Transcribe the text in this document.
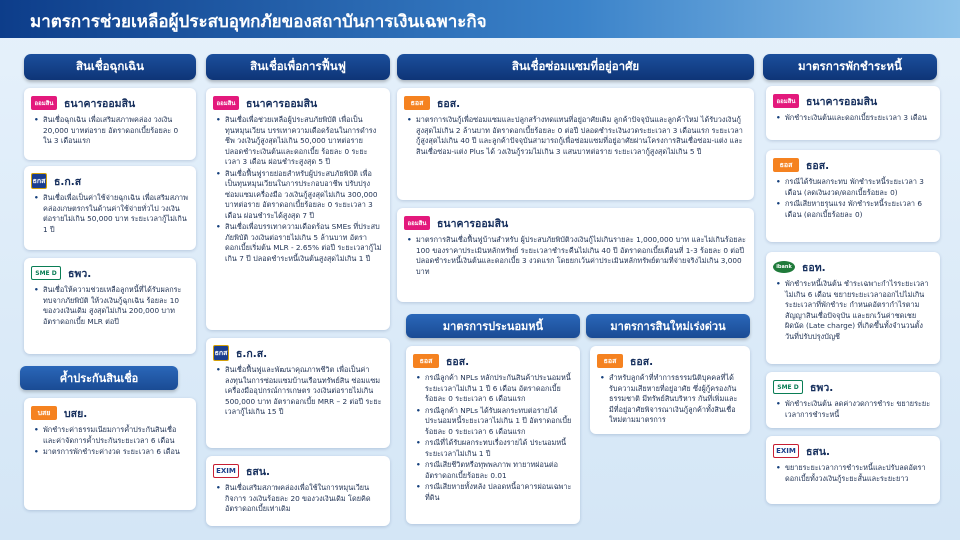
มาตรการช่วยเหลือผู้ประสบอุทกภัยของสถาบันการเงินเฉพาะกิจ
สินเชื่อฉุกเฉิน	สินเชื่อเพื่อการฟื้นฟู	สินเชื่อซ่อมแซมที่อยู่อาศัย	มาตรการพักชำระหนี้
ออมสิน	ธนาคารออมสิน
• สินเชื่อฉุกเฉิน เพื่อเสริมสภาพคล่อง วงเงิน 20,000 บาทต่อราย อัตราดอกเบี้ยร้อยละ 0 ใน 3 เดือนแรก
ธกส ธ.ก.ส
• สินเชื่อเพื่อเป็นค่าใช้จ่ายฉุกเฉิน เพื่อเสริมสภาพคล่องเกษตรกรในด้านค่าใช้จ่ายทั่วไป วงเงินต่อรายไม่เกิน 50,000 บาท ระยะเวลากู้ไม่เกิน 1 ปี
SME D	ธพว.
• สินเชื่อให้ความช่วยเหลือลูกหนี้ที่ได้รับผลกระทบจากภัยพิบัติ ให้วงเงินกู้ฉุกเฉิน ร้อยละ 10 ของวงเงินเดิม สูงสุดไม่เกิน 200,000 บาท อัตราดอกเบี้ย MLR ต่อปี
ค้ำประกันสินเชื่อ
บสย	บสย.
• พักชำระค่าธรรมเนียมการค้ำประกันสินเชื่อและค่าจัดการค้ำประกันระยะเวลา 6 เดือน
• มาตรการพักชำระค่างวด ระยะเวลา 6 เดือน
ออมสิน	ธนาคารออมสิน
• สินเชื่อเพื่อช่วยเหลือผู้ประสบภัยพิบัติ เพื่อเป็นทุนหมุนเวียน บรรเทาความเดือดร้อนในการดำรงชีพ วงเงินกู้สูงสุดไม่เกิน 50,000 บาทต่อราย ปลอดชำระเงินต้นและดอกเบี้ย ร้อยละ 0 ระยะเวลา 3 เดือน ผ่อนชำระสูงสุด 5 ปี
• สินเชื่อฟื้นฟูรายย่อยสำหรับผู้ประสบภัยพิบัติ เพื่อเป็นทุนหมุนเวียนในการประกอบอาชีพ ปรับปรุงซ่อมแซมเครื่องมือ วงเงินกู้สูงสุดไม่เกิน 300,000 บาทต่อราย อัตราดอกเบี้ยร้อยละ 0 ระยะเวลา 3 เดือน ผ่อนชำระได้สูงสุด 7 ปี
• สินเชื่อเพื่อบรรเทาความเดือดร้อน SMEs ที่ประสบภัยพิบัติ วงเงินต่อรายไม่เกิน 5 ล้านบาท อัตราดอกเบี้ยเริ่มต้น MLR - 2.65% ต่อปี ระยะเวลากู้ไม่เกิน 7 ปี ปลอดชำระหนี้เงินต้นสูงสุดไม่เกิน 1 ปี
ธกส ธ.ก.ส.
• สินเชื่อฟื้นฟูและพัฒนาคุณภาพชีวิต เพื่อเป็นค่าลงทุนในการซ่อมแซมบ้านเรือนทรัพย์สิน ซ่อมแซมเครื่องมืออุปกรณ์การเกษตร วงเงินต่อรายไม่เกิน 500,000 บาท อัตราดอกเบี้ย MRR – 2 ต่อปี ระยะเวลากู้ไม่เกิน 15 ปี
EXIM ธสน.
• สินเชื่อเสริมสภาพคล่องเพื่อใช้ในการหมุนเวียนกิจการ วงเงินร้อยละ 20 ของวงเงินเดิม โดยคิดอัตราดอกเบี้ยเท่าเดิม
ธอส	ธอส.
• มาตรการเงินกู้เพื่อซ่อมแซมและปลูกสร้างทดแทนที่อยู่อาศัยเดิม ลูกค้าปัจจุบันและลูกค้าใหม่ ได้รับวงเงินกู้สูงสุดไม่เกิน 2 ล้านบาท อัตราดอกเบี้ยร้อยละ 0 ต่อปี ปลอดชำระเงินงวดระยะเวลา 3 เดือนแรก ระยะเวลากู้สูงสุดไม่เกิน 40 ปี และลูกค้าปัจจุบันสามารถกู้เพื่อซ่อมแซมที่อยู่อาศัยผ่านโครงการสินเชื่อซ่อม-แต่ง และสินเชื่อซ่อม-แต่ง Plus ได้ วงเงินกู้รวมไม่เกิน 3 แสนบาทต่อราย ระยะเวลากู้สูงสุดไม่เกิน 5 ปี
ออมสิน	ธนาคารออมสิน
• มาตรการสินเชื่อฟื้นฟูบ้านสำหรับ ผู้ประสบภัยพิบัติวงเงินกู้ไม่เกินรายละ 1,000,000 บาท และไม่เกินร้อยละ 100 ของราคาประเมินหลักทรัพย์ ระยะเวลาชำระคืนไม่เกิน 40 ปี อัตราดอกเบี้ยเดือนที่ 1-3 ร้อยละ 0 ต่อปี ปลอดชำระหนี้เงินต้นและดอกเบี้ย 3 งวดแรก โดยยกเว้นค่าประเมินหลักทรัพย์ตามที่จ่ายจริงไม่เกิน 3,000 บาท
มาตรการประนอมหนี้	มาตรการสินใหม่เร่งด่วน
ธอส	ธอส.
• กรณีลูกค้า NPLs หลักประกันสินค้าประนอมหนี้ ระยะเวลาไม่เกิน 1 ปี 6 เดือน อัตราดอกเบี้ยร้อยละ 0 ระยะเวลา 6 เดือนแรก
• กรณีลูกค้า NPLs ได้รับผลกระทบต่อรายได้ ประนอมหนี้ระยะเวลาไม่เกิน 1 ปี อัตราดอกเบี้ยร้อยละ 0 ระยะเวลา 6 เดือนแรก
• กรณีที่ได้รับผลกระทบเรื่องรายได้ ประนอมหนี้ระยะเวลาไม่เกิน 1 ปี
• กรณีเสียชีวิตหรือทุพพลภาพ ทายาทผ่อนต่อ อัตราดอกเบี้ยร้อยละ 0.01
• กรณีเสียหายทั้งหลัง ปลอดหนี้อาคารผ่อนเฉพาะที่ดิน
ธอส	ธอส.
• สำหรับลูกค้าที่ทำการธรรมนิติบุคคลที่ได้รับความเสียหายที่อยู่อาศัย ซึ่งผู้กู้ครองกันธรรมชาติ มีทรัพย์สินบริหาร กันที่เพิ่มและมีที่อยู่อาศัยพิจารณาเงินกู้ลูกค้าทั้งสินเชื่อใหม่ตามมาตรการ
ออมสิน	ธนาคารออมสิน
• พักชำระเงินต้นและดอกเบี้ยระยะเวลา 3 เดือน
ธอส	ธอส.
• กรณีได้รับผลกระทบ พักชำระหนี้ระยะเวลา 3 เดือน (ลดเงินงวด/ดอกเบี้ยร้อยละ 0)
• กรณีเสียหายรุนแรง พักชำระหนี้ระยะเวลา 6 เดือน (ดอกเบี้ยร้อยละ 0)
ibank ธอท.
• พักชำระหนี้เงินต้น ชำระเฉพาะกำไรระยะเวลาไม่เกิน 6 เดือน ขยายระยะเวลาออกไปไม่เกินระยะเวลาที่พักชำระ กำหนดอัตรากำไรตามสัญญาสินเชื่อปัจจุบัน และยกเว้นค่าชดเชยผิดนัด (Late charge) ที่เกิดขึ้นทั้งจำนวนตั้งวันที่ปรับปรุงบัญชี
SME D	ธพว.
• พักชำระเงินต้น ลดค่างวดการชำระ ขยายระยะเวลาการชำระหนี้
EXIM ธสน.
• ขยายระยะเวลาการชำระหนี้และปรับลดอัตราดอกเบี้ยทั้งวงเงินกู้ระยะสั้นและระยะยาว
